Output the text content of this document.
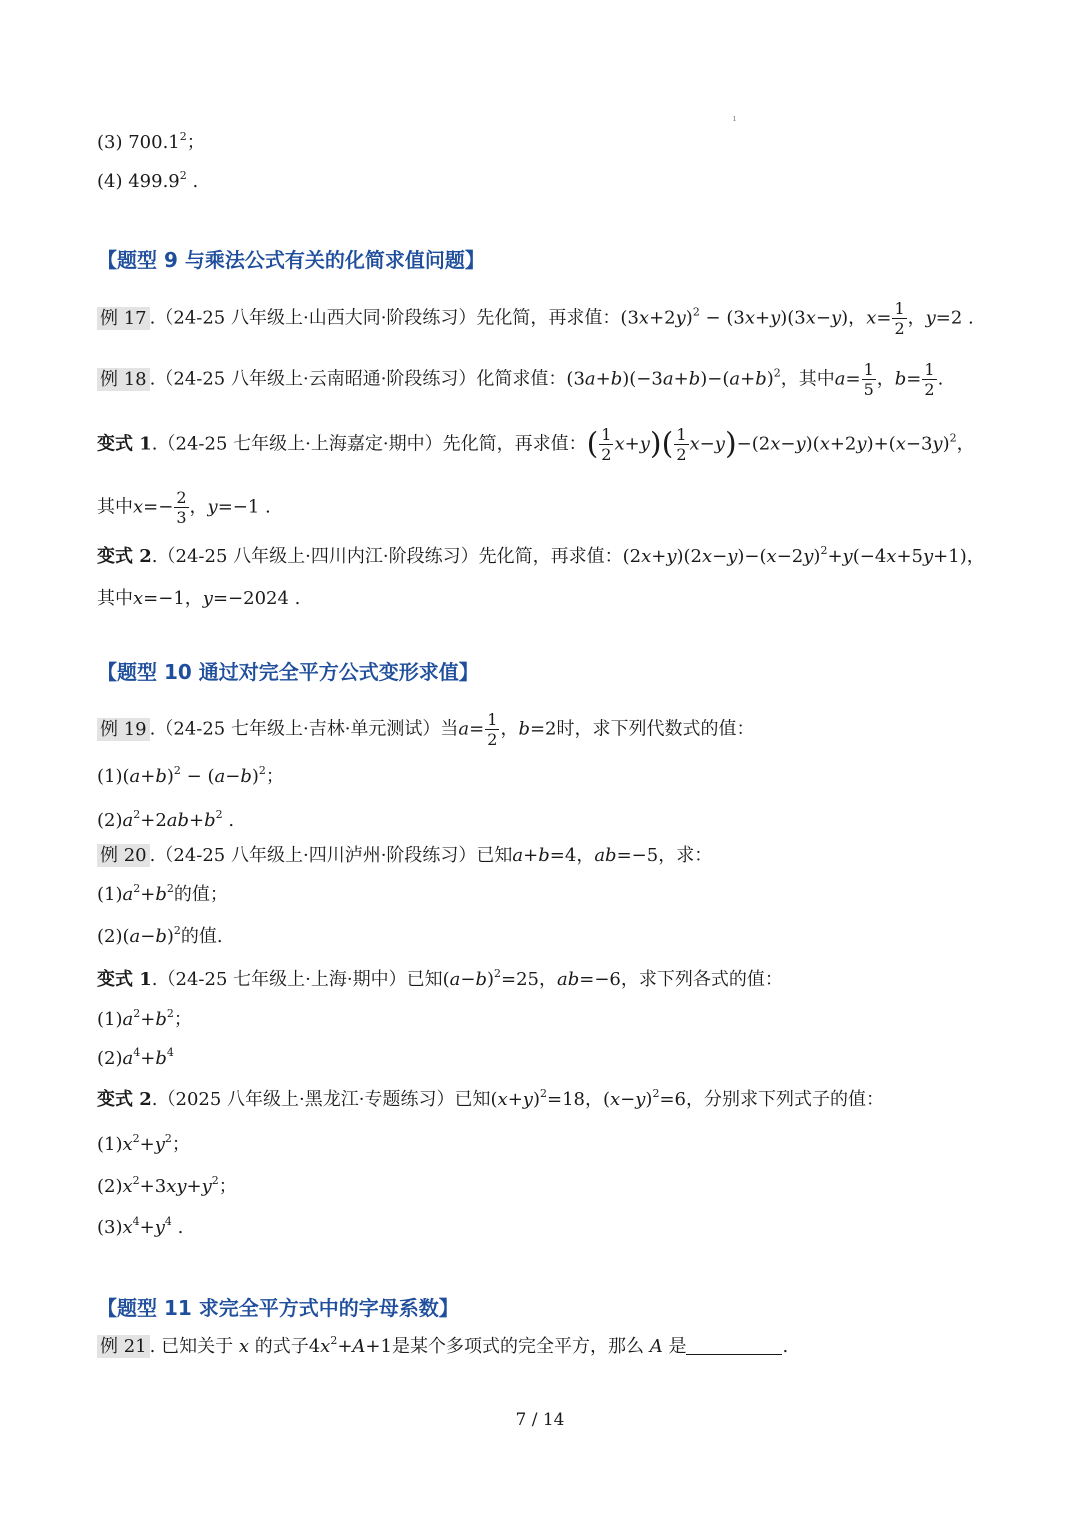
(3) 700.1$^2$；
ı
(4) 499.9$^2$ .
【题型 9 与乘法公式有关的化简求值问题】
例 17 .（24-25 八年级上·山西大同·阶段练习）先化简，再求值：$(3x+2y)^2 - (3x+y)(3x-y)$，$x= \frac{1}{2}$ ，y=2 .
例 18 .（24-25 八年级上·云南昭通·阶段练习）化简求值：$(3a+b)(-3a+b)-(a+b)^2$，其中$a= \frac{1}{5}$ ，$b= \frac{1}{2}$ .
变式 1.（24-25 七年级上·上海嘉定·期中）先化简，再求值：( $\frac{1}{2} x+y)( \frac{1}{2} x-y)-(2x-y)(x+2y)+(x-3y)^2$，
其中$x=- \frac{2}{3}$ ，y=−1 .
变式 2.（24-25 八年级上·四川内江·阶段练习）先化简，再求值：$(2x+y)(2x-y)-(x-2y)^2+y(-4x+5y+1)$，
其中x=−1，y=−2024 .
【题型 10 通过对完全平方公式变形求值】
例 19 .（24-25 七年级上·吉林·单元测试）当$a= \frac{1}{2}$ ，b=2时，求下列代数式的值：
$(1)(a+b)^2 - (a-b)^2$；
$(2)a^2+2ab+b^2$ .
例 20 .（24-25 八年级上·四川泸州·阶段练习）已知a+b=4，ab=−5，求：
$(1)a^2+b^2$的值；
$(2)(a-b)^2$的值.
变式 1.（24-25 七年级上·上海·期中）已知$(a-b)^2=25$，ab=−6，求下列各式的值：
$(1)a^2+b^2$；
$(2)a^4+b^4$
变式 2.（2025 八年级上·黑龙江·专题练习）已知$(x+y)^2=18$，$(x-y)^2=6$，分别求下列式子的值：
$(1)x^2+y^2$；
$(2)x^2+3xy+y^2$；
$(3)x^4+y^4$ .
【题型 11 求完全平方式中的字母系数】
例 21 . 已知关于 x 的式子$4x^2+A+1$是某个多项式的完全平方，那么 A 是	.
7 / 14
